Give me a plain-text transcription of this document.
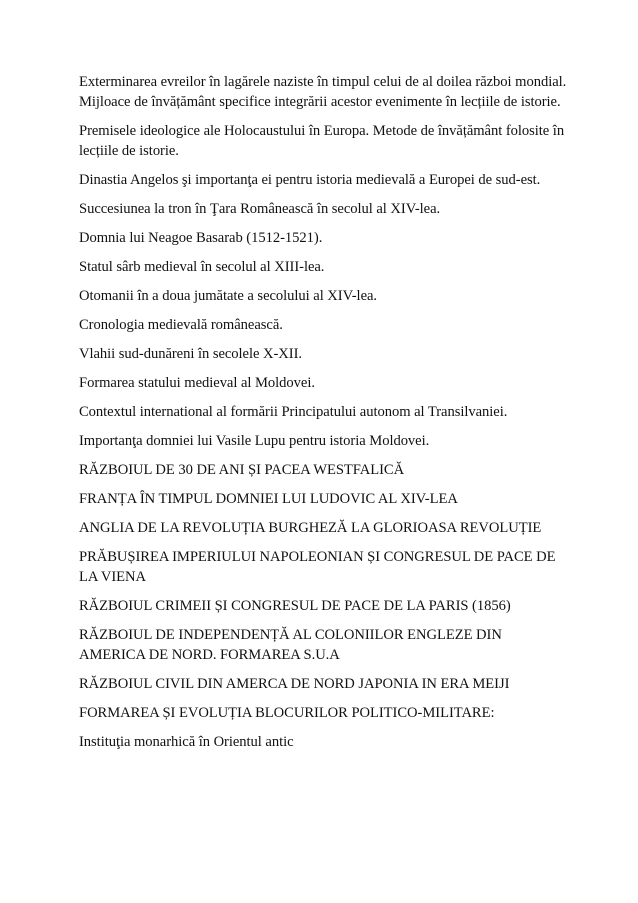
Exterminarea evreilor în lagărele naziste în timpul celui de al doilea război mondial. Mijloace de învățământ specifice integrării acestor evenimente în lecțiile de istorie.

Premisele ideologice ale Holocaustului în Europa. Metode de învățământ folosite în lecțiile de istorie.

Dinastia Angelos şi importanţa ei pentru istoria medievală a Europei de sud-est.

Succesiunea la tron în Ţara Românească în secolul al XIV-lea.

Domnia lui Neagoe Basarab (1512-1521).

Statul sârb medieval în secolul al XIII-lea.

Otomanii în a doua jumătate a secolului al XIV-lea.

Cronologia medievală românească.

Vlahii sud-dunăreni în secolele X-XII.

Formarea statului medieval al Moldovei.

Contextul international al formării Principatului autonom al Transilvaniei.

Importanţa domniei lui Vasile Lupu pentru istoria Moldovei.

RĂZBOIUL DE 30 DE ANI ȘI PACEA WESTFALICĂ

FRANȚA ÎN TIMPUL DOMNIEI LUI LUDOVIC AL XIV-LEA

ANGLIA DE LA REVOLUȚIA BURGHEZĂ LA GLORIOASA REVOLUȚIE

PRĂBUȘIREA IMPERIULUI NAPOLEONIAN ȘI CONGRESUL DE PACE DE LA VIENA

RĂZBOIUL CRIMEII ȘI CONGRESUL DE PACE DE LA PARIS (1856)

RĂZBOIUL DE INDEPENDENȚĂ AL COLONIILOR ENGLEZE DIN AMERICA DE NORD. FORMAREA S.U.A

RĂZBOIUL CIVIL DIN AMERCA DE NORD JAPONIA IN ERA MEIJI

FORMAREA ȘI EVOLUȚIA BLOCURILOR POLITICO-MILITARE:

Instituţia monarhică în Orientul antic
